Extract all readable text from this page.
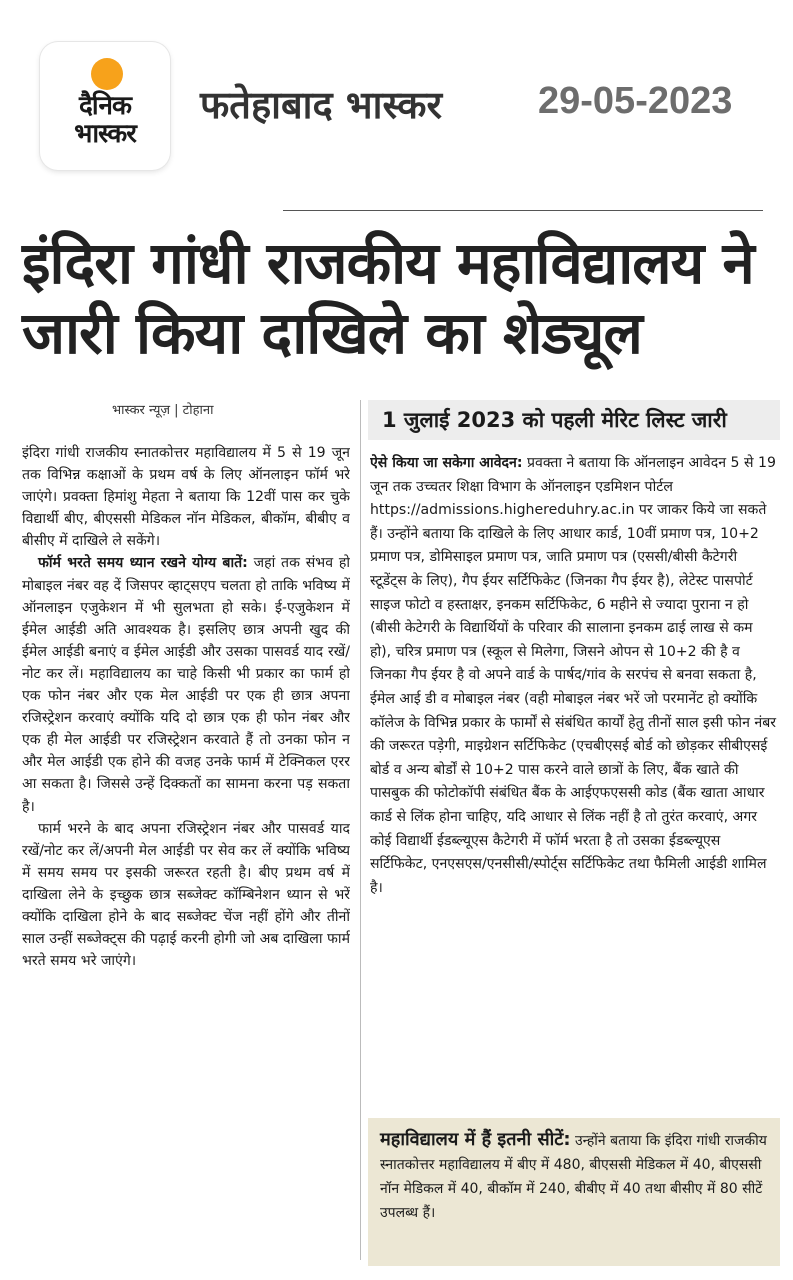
दैनिक
भास्कर
फतेहाबाद भास्कर	29-05-2023
इंदिरा गांधी राजकीय महाविद्यालय ने जारी किया दाखिले का शेड्यूल
भास्कर न्यूज़ | टोहाना

इंदिरा गांधी राजकीय स्नातकोत्तर महाविद्यालय में 5 से 19 जून तक विभिन्न कक्षाओं के प्रथम वर्ष के लिए ऑनलाइन फॉर्म भरे जाएंगे। प्रवक्ता हिमांशु मेहता ने बताया कि 12वीं पास कर चुके विद्यार्थी बीए, बीएससी मेडिकल नॉन मेडिकल, बीकॉम, बीबीए व बीसीए में दाखिले ले सकेंगे।

फॉर्म भरते समय ध्यान रखने योग्य बातें: जहां तक संभव हो मोबाइल नंबर वह दें जिसपर व्हाट्सएप चलता हो ताकि भविष्य में ऑनलाइन एजुकेशन में भी सुलभता हो सके। ई-एजुकेशन में ईमेल आईडी अति आवश्यक है। इसलिए छात्र अपनी खुद की ईमेल आईडी बनाएं व ईमेल आईडी और उसका पासवर्ड याद रखें/नोट कर लें। महाविद्यालय का चाहे किसी भी प्रकार का फार्म हो एक फोन नंबर और एक मेल आईडी पर एक ही छात्र अपना रजिस्ट्रेशन करवाएं क्योंकि यदि दो छात्र एक ही फोन नंबर और एक ही मेल आईडी पर रजिस्ट्रेशन करवाते हैं तो उनका फोन न और मेल आईडी एक होने की वजह उनके फार्म में टेक्निकल एरर आ सकता है। जिससे उन्हें दिक्कतों का सामना करना पड़ सकता है।

फार्म भरने के बाद अपना रजिस्ट्रेशन नंबर और पासवर्ड याद रखें/नोट कर लें/अपनी मेल आईडी पर सेव कर लें क्योंकि भविष्य में समय समय पर इसकी जरूरत रहती है। बीए प्रथम वर्ष में दाखिला लेने के इच्छुक छात्र सब्जेक्ट कॉम्बिनेशन ध्यान से भरें क्योंकि दाखिला होने के बाद सब्जेक्ट चेंज नहीं होंगे और तीनों साल उन्हीं सब्जेक्ट्स की पढ़ाई करनी होगी जो अब दाखिला फार्म भरते समय भरे जाएंगे।

1 जुलाई 2023 को पहली मेरिट लिस्ट जारी

ऐसे किया जा सकेगा आवेदन: प्रवक्ता ने बताया कि ऑनलाइन आवेदन 5 से 19 जून तक उच्चतर शिक्षा विभाग के ऑनलाइन एडमिशन पोर्टल https://admissions.highereduhry.ac.in पर जाकर किये जा सकते हैं। उन्होंने बताया कि दाखिले के लिए आधार कार्ड, 10वीं प्रमाण पत्र, 10+2 प्रमाण पत्र, डोमिसाइल प्रमाण पत्र, जाति प्रमाण पत्र (एससी/बीसी कैटेगरी स्टूडेंट्स के लिए), गैप ईयर सर्टिफिकेट (जिनका गैप ईयर है), लेटेस्ट पासपोर्ट साइज फोटो व हस्ताक्षर, इनकम सर्टिफिकेट, 6 महीने से ज्यादा पुराना न हो (बीसी केटेगरी के विद्यार्थियों के परिवार की सालाना इनकम ढाई लाख से कम हो), चरित्र प्रमाण पत्र (स्कूल से मिलेगा, जिसने ओपन से 10+2 की है व जिनका गैप ईयर है वो अपने वार्ड के पार्षद/गांव के सरपंच से बनवा सकता है, ईमेल आई डी व मोबाइल नंबर (वही मोबाइल नंबर भरें जो परमानेंट हो क्योंकि कॉलेज के विभिन्न प्रकार के फार्मों से संबंधित कार्यों हेतु तीनों साल इसी फोन नंबर की जरूरत पड़ेगी, माइग्रेशन सर्टिफिकेट (एचबीएसई बोर्ड को छोड़कर सीबीएसई बोर्ड व अन्य बोर्डों से 10+2 पास करने वाले छात्रों के लिए, बैंक खाते की पासबुक की फोटोकॉपी संबंधित बैंक के आईएफएससी कोड (बैंक खाता आधार कार्ड से लिंक होना चाहिए, यदि आधार से लिंक नहीं है तो तुरंत करवाएं, अगर कोई विद्यार्थी ईडब्ल्यूएस कैटेगरी में फॉर्म भरता है तो उसका ईडब्ल्यूएस सर्टिफिकेट, एनएसएस/एनसीसी/स्पोर्ट्स सर्टिफिकेट तथा फैमिली आईडी शामिल है।

महाविद्यालय में हैं इतनी सीटें: उन्होंने बताया कि इंदिरा गांधी राजकीय स्नातकोत्तर महाविद्यालय में बीए में 480, बीएससी मेडिकल में 40, बीएससी नॉन मेडिकल में 40, बीकॉम में 240, बीबीए में 40 तथा बीसीए में 80 सीटें उपलब्ध हैं।
